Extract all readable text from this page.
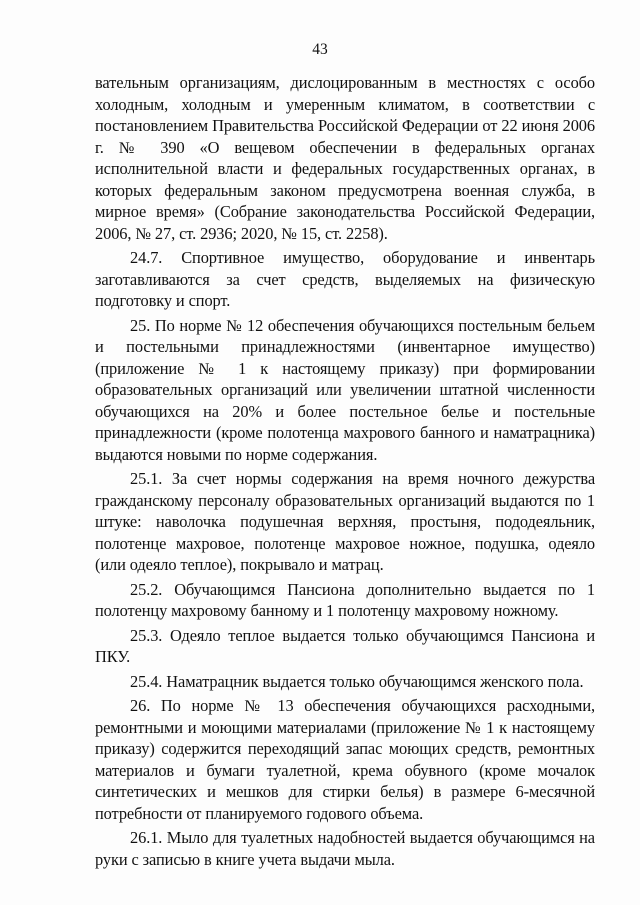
43

вательным организациям, дислоцированным в местностях с особо холодным, холодным и умеренным климатом, в соответствии с постановлением Правительства Российской Федерации от 22 июня 2006 г. № 390 «О вещевом обеспечении в федеральных органах исполнительной власти и федеральных государственных органах, в которых федеральным законом предусмотрена военная служба, в мирное время» (Собрание законодательства Российской Федерации, 2006, № 27, ст. 2936; 2020, № 15, ст. 2258).

24.7. Спортивное имущество, оборудование и инвентарь заготавливаются за счет средств, выделяемых на физическую подготовку и спорт.

25. По норме № 12 обеспечения обучающихся постельным бельем и постельными принадлежностями (инвентарное имущество) (приложение № 1 к настоящему приказу) при формировании образовательных организаций или увеличении штатной численности обучающихся на 20% и более постельное белье и постельные принадлежности (кроме полотенца махрового банного и наматрацника) выдаются новыми по норме содержания.

25.1. За счет нормы содержания на время ночного дежурства гражданскому персоналу образовательных организаций выдаются по 1 штуке: наволочка подушечная верхняя, простыня, пододеяльник, полотенце махровое, полотенце махровое ножное, подушка, одеяло (или одеяло теплое), покрывало и матрац.

25.2. Обучающимся Пансиона дополнительно выдается по 1 полотенцу махровому банному и 1 полотенцу махровому ножному.

25.3. Одеяло теплое выдается только обучающимся Пансиона и ПКУ.

25.4. Наматрацник выдается только обучающимся женского пола.

26. По норме № 13 обеспечения обучающихся расходными, ремонтными и моющими материалами (приложение № 1 к настоящему приказу) содержится переходящий запас моющих средств, ремонтных материалов и бумаги туалетной, крема обувного (кроме мочалок синтетических и мешков для стирки белья) в размере 6-месячной потребности от планируемого годового объема.

26.1. Мыло для туалетных надобностей выдается обучающимся на руки с записью в книге учета выдачи мыла.
